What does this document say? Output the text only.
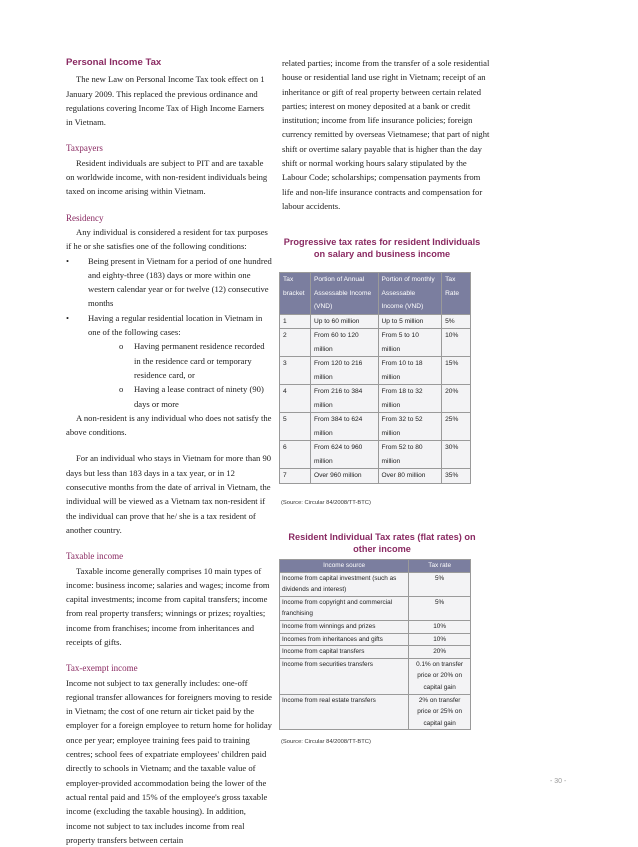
Personal Income Tax

The new Law on Personal Income Tax took effect on 1 January 2009. This replaced the previous ordinance and regulations covering Income Tax of High Income Earners in Vietnam.

Taxpayers

Resident individuals are subject to PIT and are taxable on worldwide income, with non-resident individuals being taxed on income arising within Vietnam.

Residency

Any individual is considered a resident for tax purposes if he or she satisfies one of the following conditions:

• Being present in Vietnam for a period of one hundred and eighty-three (183) days or more within one western calendar year or for twelve (12) consecutive months

• Having a regular residential location in Vietnam in one of the following cases:

o Having permanent residence recorded in the residence card or temporary residence card, or

o Having a lease contract of ninety (90) days or more

A non-resident is any individual who does not satisfy the above conditions.

For an individual who stays in Vietnam for more than 90 days but less than 183 days in a tax year, or in 12 consecutive months from the date of arrival in Vietnam, the individual will be viewed as a Vietnam tax non-resident if the individual can prove that he/ she is a tax resident of another country.

Taxable income

Taxable income generally comprises 10 main types of income: business income; salaries and wages; income from capital investments; income from capital transfers; income from real property transfers; winnings or prizes; royalties; income from franchises; income from inheritances and receipts of gifts.

Tax-exempt income

Income not subject to tax generally includes: one-off regional transfer allowances for foreigners moving to reside in Vietnam; the cost of one return air ticket paid by the employer for a foreign employee to return home for holiday once per year; employee training fees paid to training centres; school fees of expatriate employees' children paid directly to schools in Vietnam; and the taxable value of employer-provided accommodation being the lower of the actual rental paid and 15% of the employee's gross taxable income (excluding the taxable housing). In addition, income not subject to tax includes income from real property transfers between certain

related parties; income from the transfer of a sole residential house or residential land use right in Vietnam; receipt of an inheritance or gift of real property between certain related parties; interest on money deposited at a bank or credit institution; income from life insurance policies; foreign currency remitted by overseas Vietnamese; that part of night shift or overtime salary payable that is higher than the day shift or normal working hours salary stipulated by the Labour Code; scholarships; compensation payments from life and non-life insurance contracts and compensation for labour accidents.

Progressive tax rates for resident Individuals on salary and business income
Tax bracket	Portion of Annual Assessable Income (VND)	Portion of monthly Assessable Income (VND)	Tax Rate
1	Up to 60 million	Up to 5 million	5%
2	From 60 to 120 million	From 5 to 10 million	10%
3	From 120 to 216 million	From 10 to 18 million	15%
4	From 216 to 384 million	From 18 to 32 million	20%
5	From 384 to 624 million	From 32 to 52 million	25%
6	From 624 to 960 million	From 52 to 80 million	30%
7	Over 960 million	Over 80 million	35%
(Source: Circular 84/2008/TT-BTC)
Resident Individual Tax rates (flat rates) on other income
Income source	Tax rate
Income from capital investment (such as dividends and interest)	5%
Income from copyright and commercial franchising	5%
Income from winnings and prizes	10%
Incomes from inheritances and gifts	10%
Income from capital transfers	20%
Income from securities transfers	0.1% on transfer price or 20% on capital gain
Income from real estate transfers	2% on transfer price or 25% on capital gain
(Source: Circular 84/2008/TT-BTC)
- 30 -
